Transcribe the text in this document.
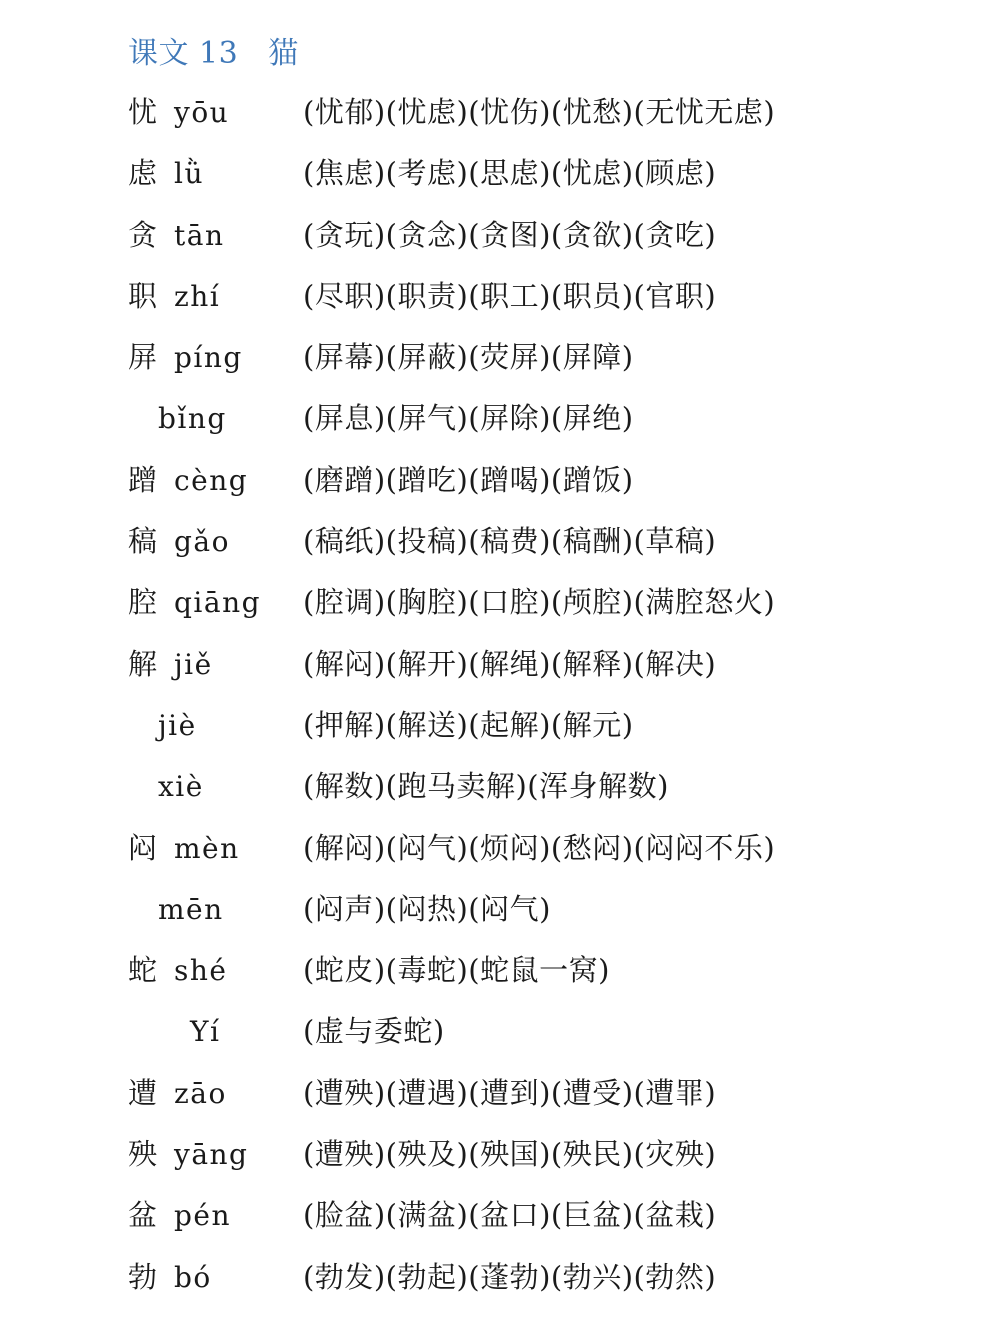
课文 13 猫
忧 yōu	(忧郁)(忧虑)(忧伤)(忧愁)(无忧无虑)
虑 lǜ	(焦虑)(考虑)(思虑)(忧虑)(顾虑)
贪 tān	(贪玩)(贪念)(贪图)(贪欲)(贪吃)
职 zhí	(尽职)(职责)(职工)(职员)(官职)
屏 píng (屏幕)(屏蔽)(荧屏)(屏障)
bǐng	(屏息)(屏气)(屏除)(屏绝)
蹭 cèng (磨蹭)(蹭吃)(蹭喝)(蹭饭)
稿 gǎo	(稿纸)(投稿)(稿费)(稿酬)(草稿)
腔 qiāng (腔调)(胸腔)(口腔)(颅腔)(满腔怒火)
解 jiě	(解闷)(解开)(解绳)(解释)(解决)
jiè	(押解)(解送)(起解)(解元)
xiè	(解数)(跑马卖解)(浑身解数)
闷 mèn (解闷)(闷气)(烦闷)(愁闷)(闷闷不乐)
mēn	(闷声)(闷热)(闷气)
蛇 shé	(蛇皮)(毒蛇)(蛇鼠一窝)
Yí	(虚与委蛇)
遭 zāo	(遭殃)(遭遇)(遭到)(遭受)(遭罪)
殃 yāng (遭殃)(殃及)(殃国)(殃民)(灾殃)
盆 pén (脸盆)(满盆)(盆口)(巨盆)(盆栽)
勃 bó	(勃发)(勃起)(蓬勃)(勃兴)(勃然)
